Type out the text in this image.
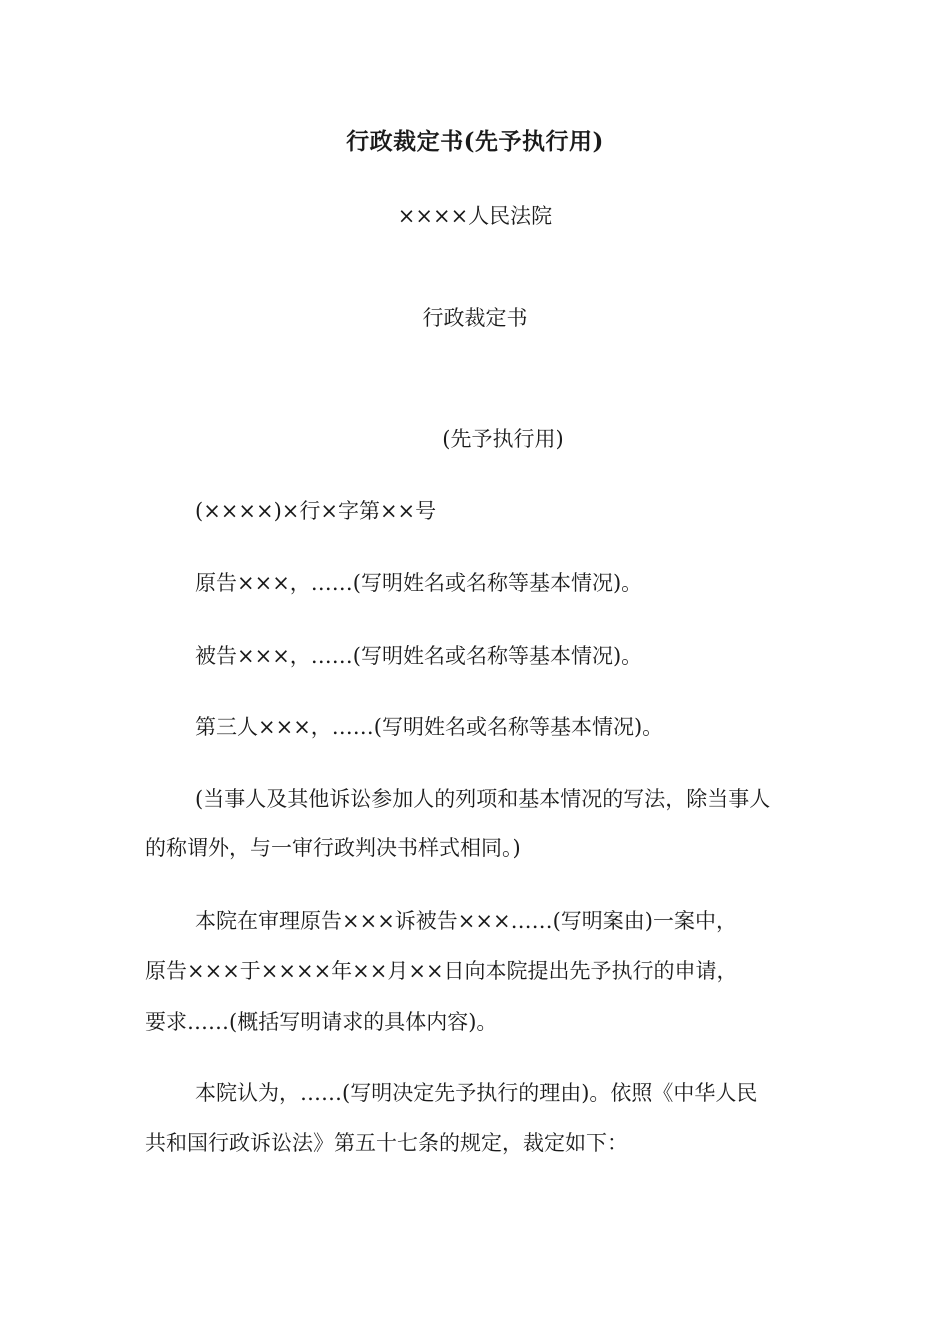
行政裁定书(先予执行用)
××××人民法院
行政裁定书
(先予执行用)
(××××)×行×字第××号
原告×××，……(写明姓名或名称等基本情况)。
被告×××，……(写明姓名或名称等基本情况)。
第三人×××，……(写明姓名或名称等基本情况)。
(当事人及其他诉讼参加人的列项和基本情况的写法，除当事人
的称谓外，与一审行政判决书样式相同。)
本院在审理原告×××诉被告×××……(写明案由)一案中，
原告×××于××××年××月××日向本院提出先予执行的申请，
要求……(概括写明请求的具体内容)。
本院认为，……(写明决定先予执行的理由)。依照《中华人民
共和国行政诉讼法》第五十七条的规定，裁定如下：
